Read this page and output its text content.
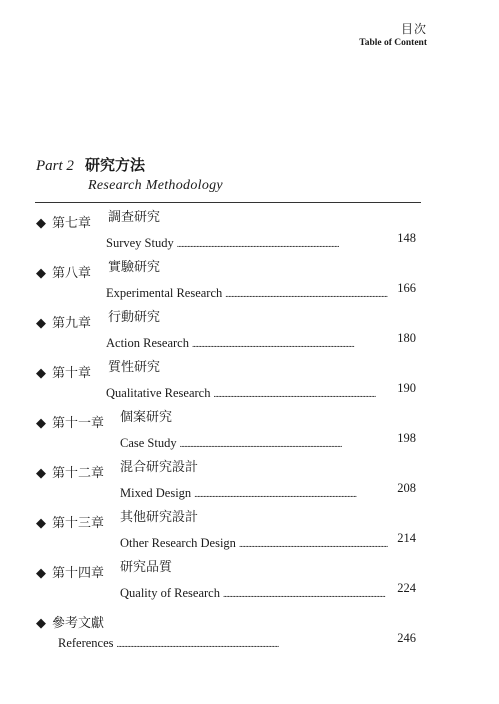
目次
Table of Content
Part 2 研究方法
Research Methodology
◆ 第七章 調查研究
Survey Study . . .	148
◆ 第八章 實驗研究
Experimental Research . . .	166
◆ 第九章 行動研究
Action Research . . .	180
◆ 第十章 質性研究
Qualitative Research . . .	190
◆ 第十一章 個案研究
Case Study . . .	198
◆ 第十二章 混合研究設計
Mixed Design . . .	208
◆ 第十三章 其他研究設計
Other Research Design . . .	214
◆ 第十四章 研究品質
Quality of Research . . .	224
◆ 參考文獻
References . . .	246
